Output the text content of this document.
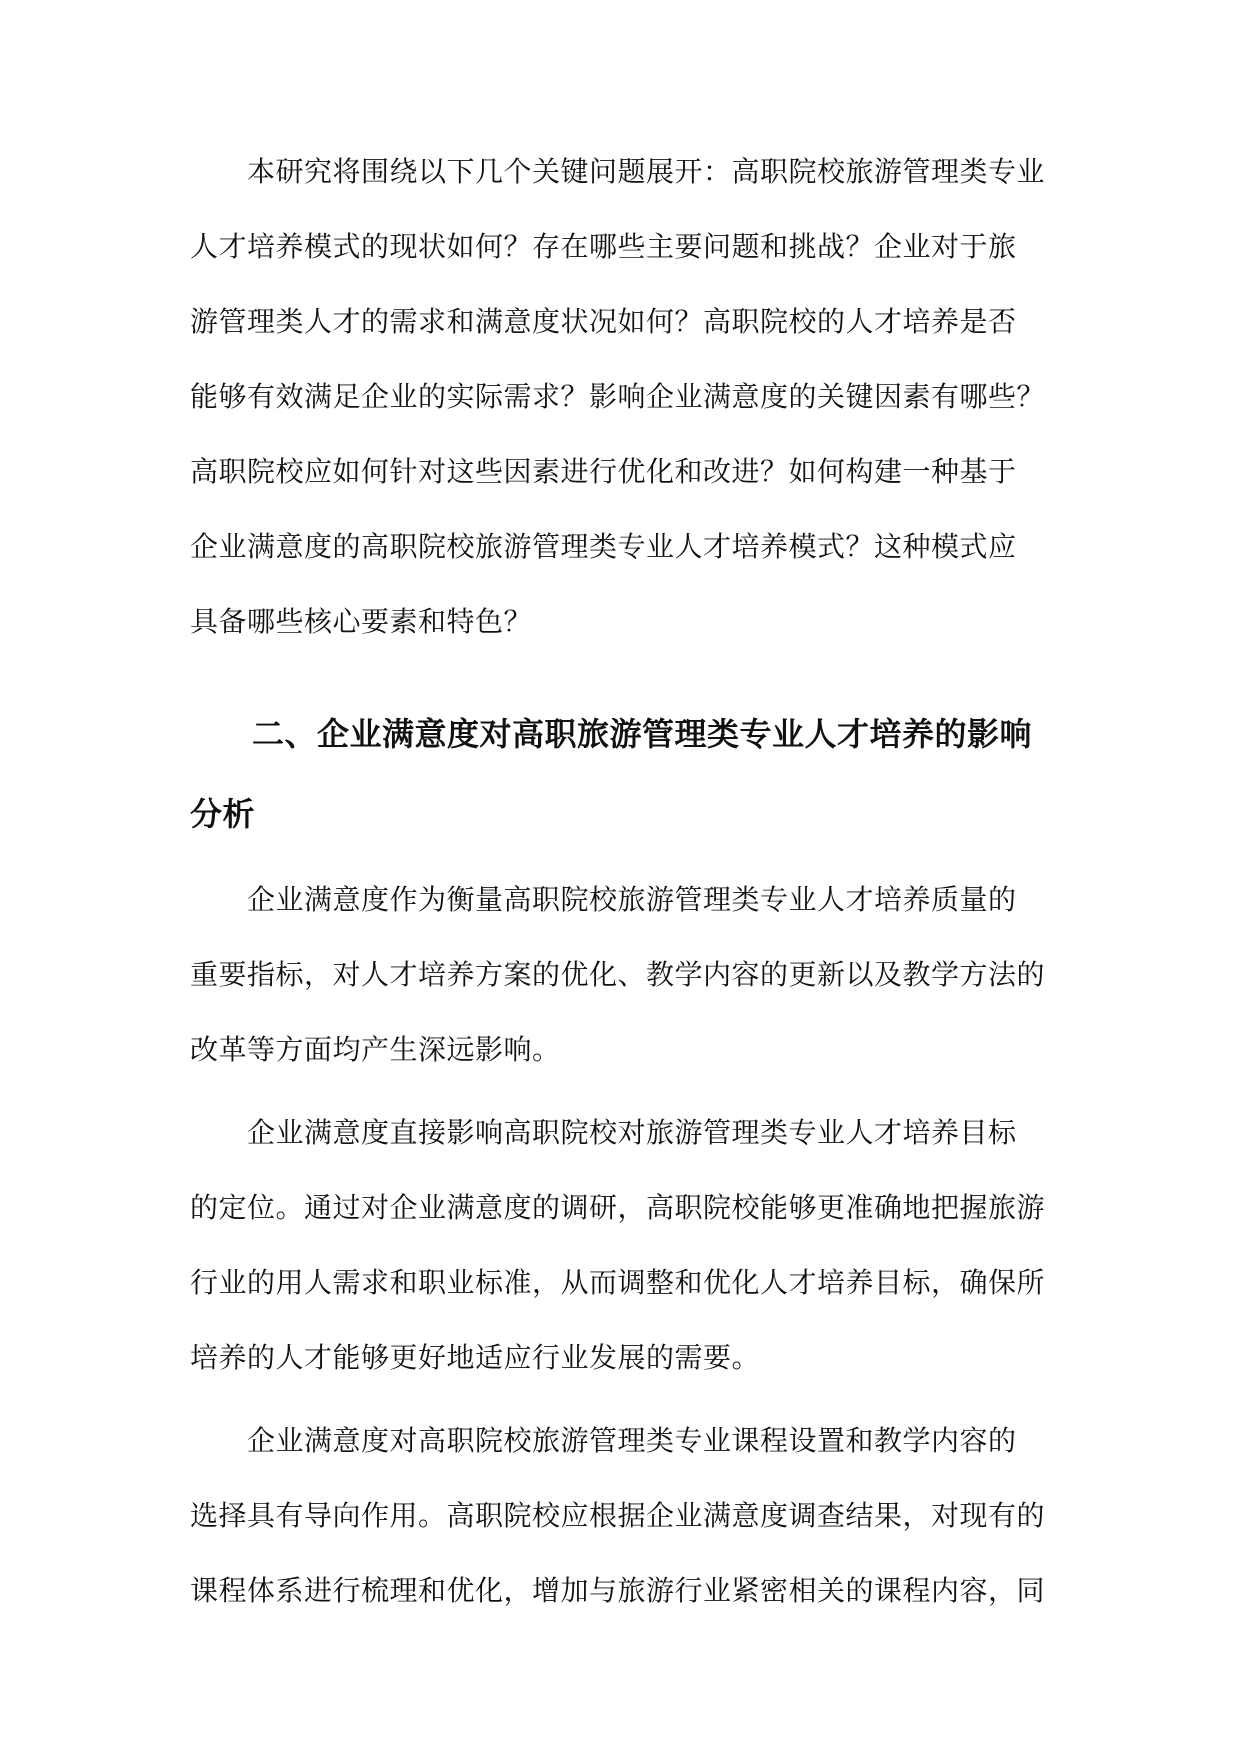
本研究将围绕以下几个关键问题展开：高职院校旅游管理类专业
人才培养模式的现状如何？存在哪些主要问题和挑战？企业对于旅
游管理类人才的需求和满意度状况如何？高职院校的人才培养是否
能够有效满足企业的实际需求？影响企业满意度的关键因素有哪些？
高职院校应如何针对这些因素进行优化和改进？如何构建一种基于
企业满意度的高职院校旅游管理类专业人才培养模式？这种模式应
具备哪些核心要素和特色？
二、企业满意度对高职旅游管理类专业人才培养的影响
分析
企业满意度作为衡量高职院校旅游管理类专业人才培养质量的
重要指标，对人才培养方案的优化、教学内容的更新以及教学方法的
改革等方面均产生深远影响。
企业满意度直接影响高职院校对旅游管理类专业人才培养目标
的定位。通过对企业满意度的调研，高职院校能够更准确地把握旅游
行业的用人需求和职业标准，从而调整和优化人才培养目标，确保所
培养的人才能够更好地适应行业发展的需要。
企业满意度对高职院校旅游管理类专业课程设置和教学内容的
选择具有导向作用。高职院校应根据企业满意度调查结果，对现有的
课程体系进行梳理和优化，增加与旅游行业紧密相关的课程内容，同
